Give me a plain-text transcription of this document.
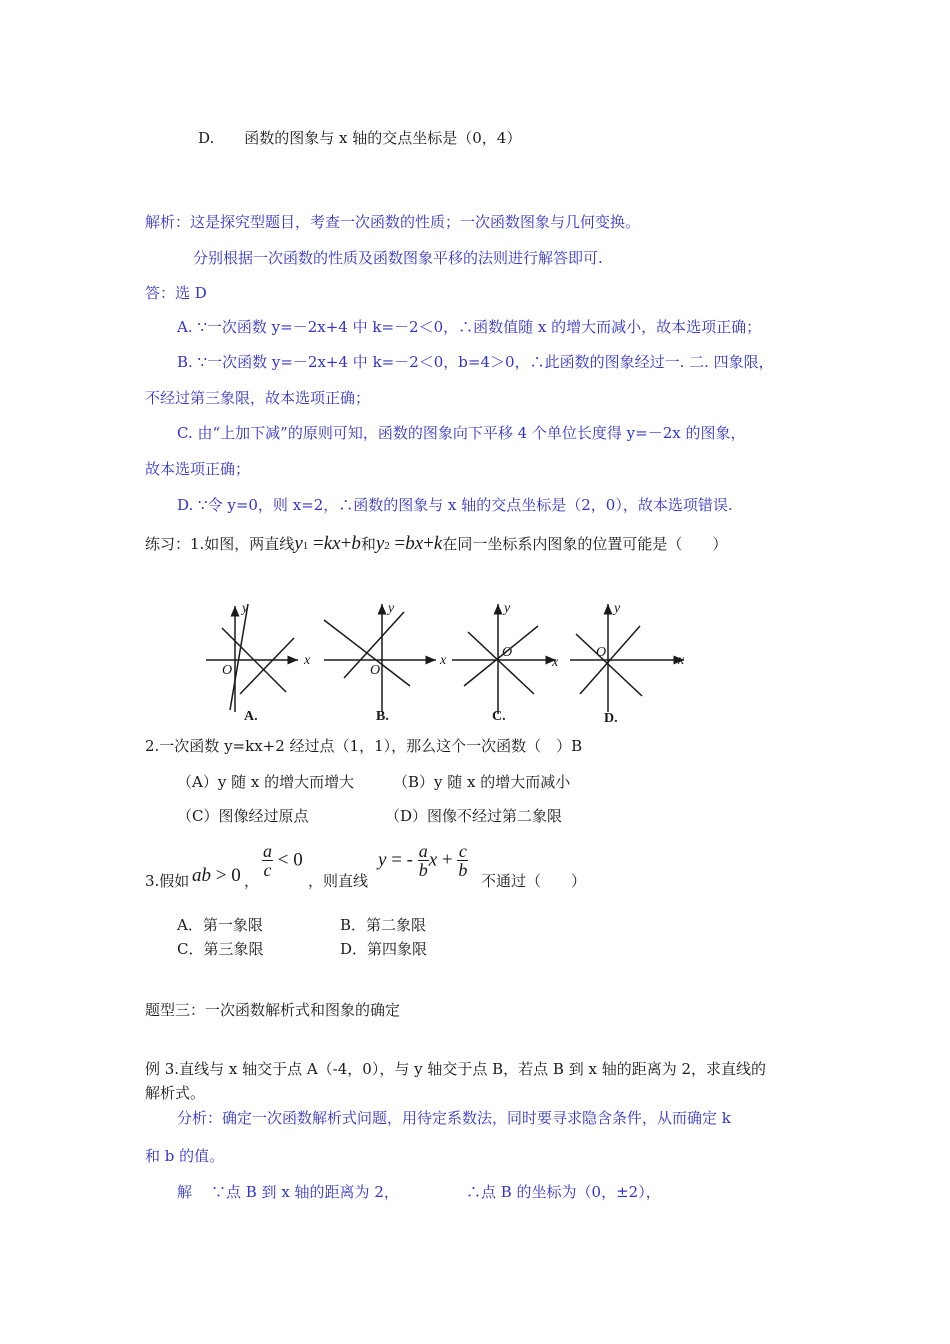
D. 函数的图象与 x 轴的交点坐标是（0，4）
解析：这是探究型题目，考查一次函数的性质；一次函数图象与几何变换。
分别根据一次函数的性质及函数图象平移的法则进行解答即可.
答：选 D
A. ∵一次函数 y=－2x+4 中 k=－2＜0，∴函数值随 x 的增大而减小，故本选项正确；
B. ∵一次函数 y=－2x+4 中 k=－2＜0，b=4＞0，∴此函数的图象经过一. 二. 四象限，
不经过第三象限，故本选项正确；
C. 由“上加下减”的原则可知，函数的图象向下平移 4 个单位长度得 y=－2x 的图象，
故本选项正确；
D. ∵令 y=0，则 x=2，∴函数的图象与 x 轴的交点坐标是（2，0），故本选项错误.
练习：1.如图，两直线y1 =kx+b和y2 =bx+k在同一坐标系内图象的位置可能是（　　）
y
x
O
y
x
O
y
x
O
y
x
O
A.	B.	C.	D.
2.一次函数 y=kx+2 经过点（1，1），那么这个一次函数（　）B
（A）y 随 x 的增大而增大	（B）y 随 x 的增大而减小
（C）图像经过原点	（D）图像不经过第二象限
3.假如 ab > 0 ，
$\frac{a}{c} < 0$
，则直线
y = - $\frac{a}{b}$ $x + \frac{c}{b}$
不通过（　　）
A．第一象限	B．第二象限
C．第三象限	D．第四象限
题型三：一次函数解析式和图象的确定
例 3.直线与 x 轴交于点 A（-4，0），与 y 轴交于点 B，若点 B 到 x 轴的距离为 2，求直线的
解析式。
分析：确定一次函数解析式问题，用待定系数法，同时要寻求隐含条件，从而确定 k
和 b 的值。
解 ∵点 B 到 x 轴的距离为 2，	∴点 B 的坐标为（0，±2），
